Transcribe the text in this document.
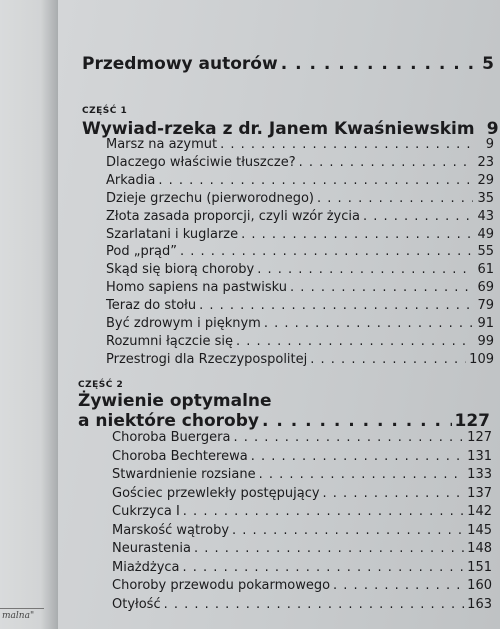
malna"
Przedmowy autorów . . .	5
CZĘŚĆ 1
Wywiad-rzeka z dr. Janem Kwaśniewskim 9
Marsz na azymut . . .	9
Dlaczego właściwie tłuszcze? . . .	23
Arkadia . . .	29
Dzieje grzechu (pierworodnego) . . .	35
Złota zasada proporcji, czyli wzór życia . . .	43
Szarlatani i kuglarze . . .	49
Pod „prąd” . . .	55
Skąd się biorą choroby . . .	61
Homo sapiens na pastwisku . . .	69
Teraz do stołu . . .	79
Być zdrowym i pięknym . . .	91
Rozumni łączcie się . . .	99
Przestrogi dla Rzeczypospolitej . . .	109
CZĘŚĆ 2
Żywienie optymalne
a niektóre choroby . . .	127
Choroba Buergera . . .	127
Choroba Bechterewa . . .	131
Stwardnienie rozsiane . . .	133
Gościec przewlekły postępujący . . .	137
Cukrzyca I . . .	142
Marskość wątroby . . .	145
Neurastenia . . .	148
Miażdżyca . . .	151
Choroby przewodu pokarmowego . . .	160
Otyłość . . .	163
